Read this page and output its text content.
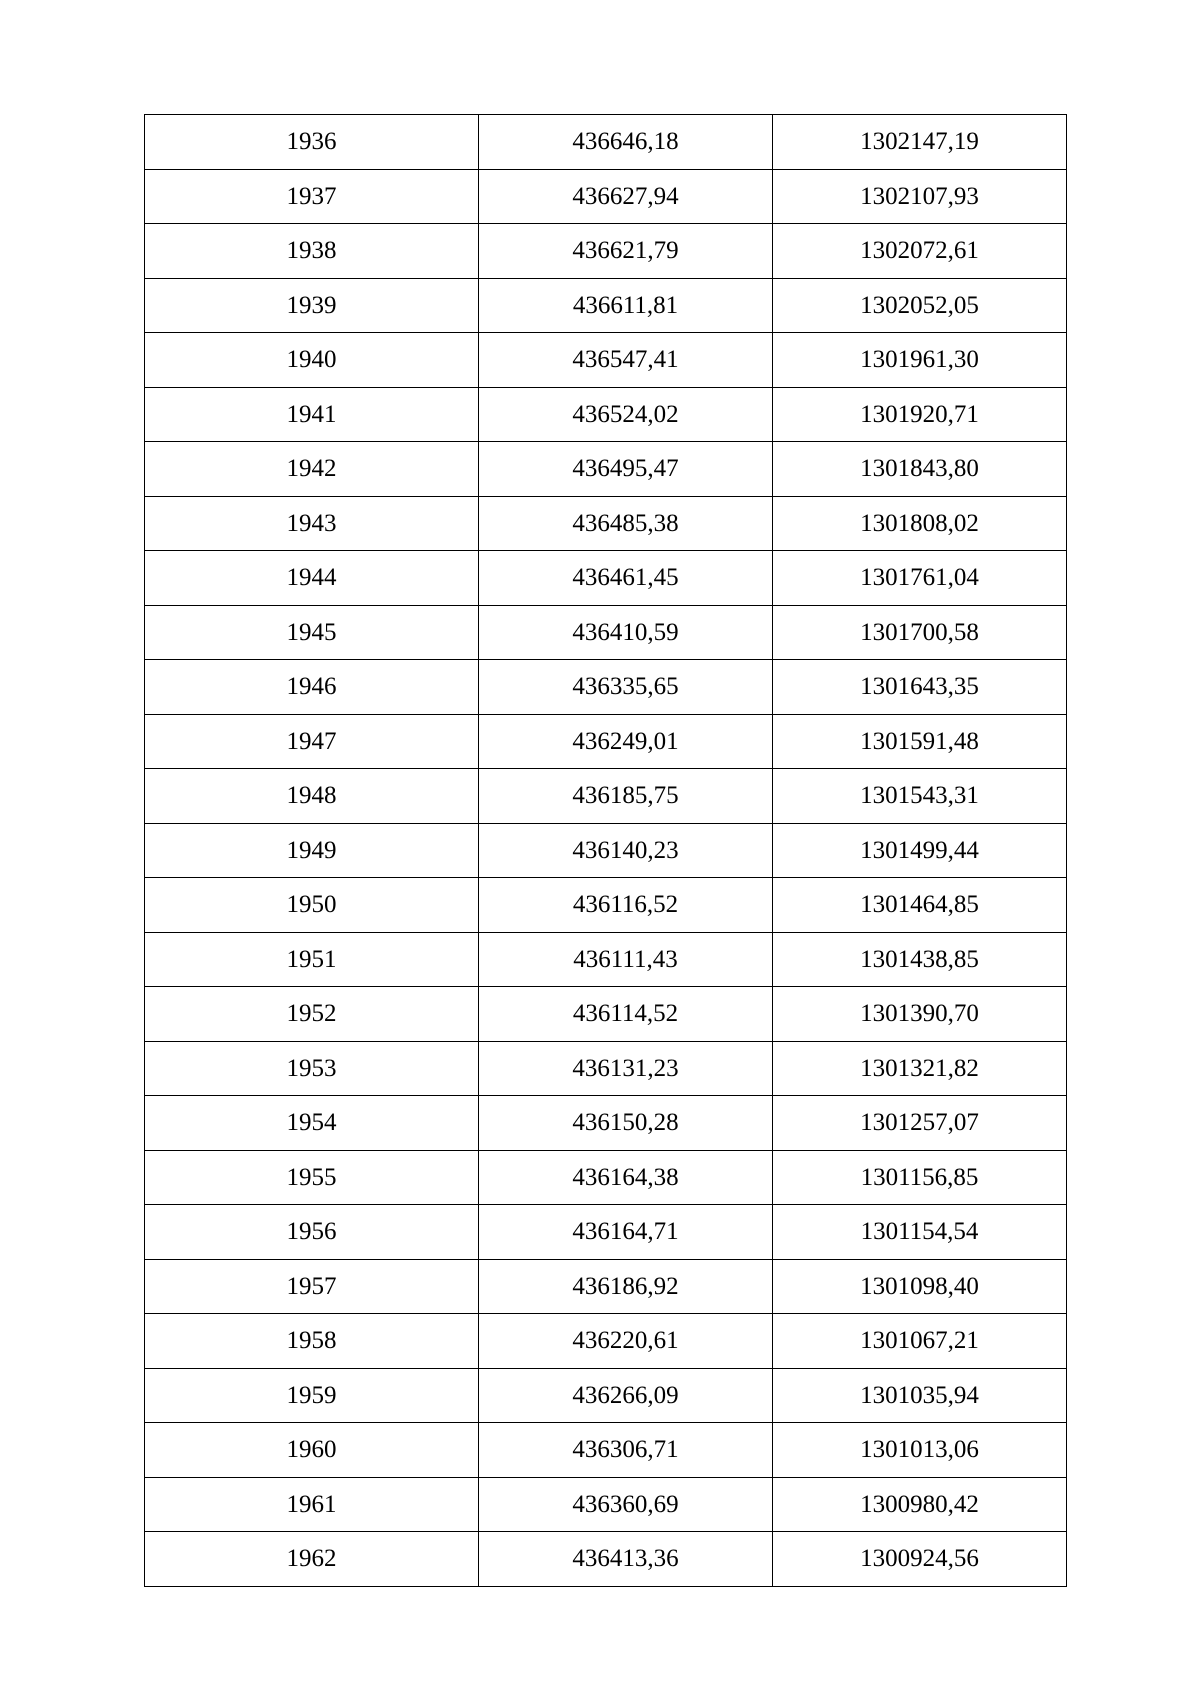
1936	436646,18	1302147,19
1937	436627,94	1302107,93
1938	436621,79	1302072,61
1939	436611,81	1302052,05
1940	436547,41	1301961,30
1941	436524,02	1301920,71
1942	436495,47	1301843,80
1943	436485,38	1301808,02
1944	436461,45	1301761,04
1945	436410,59	1301700,58
1946	436335,65	1301643,35
1947	436249,01	1301591,48
1948	436185,75	1301543,31
1949	436140,23	1301499,44
1950	436116,52	1301464,85
1951	436111,43	1301438,85
1952	436114,52	1301390,70
1953	436131,23	1301321,82
1954	436150,28	1301257,07
1955	436164,38	1301156,85
1956	436164,71	1301154,54
1957	436186,92	1301098,40
1958	436220,61	1301067,21
1959	436266,09	1301035,94
1960	436306,71	1301013,06
1961	436360,69	1300980,42
1962	436413,36	1300924,56
